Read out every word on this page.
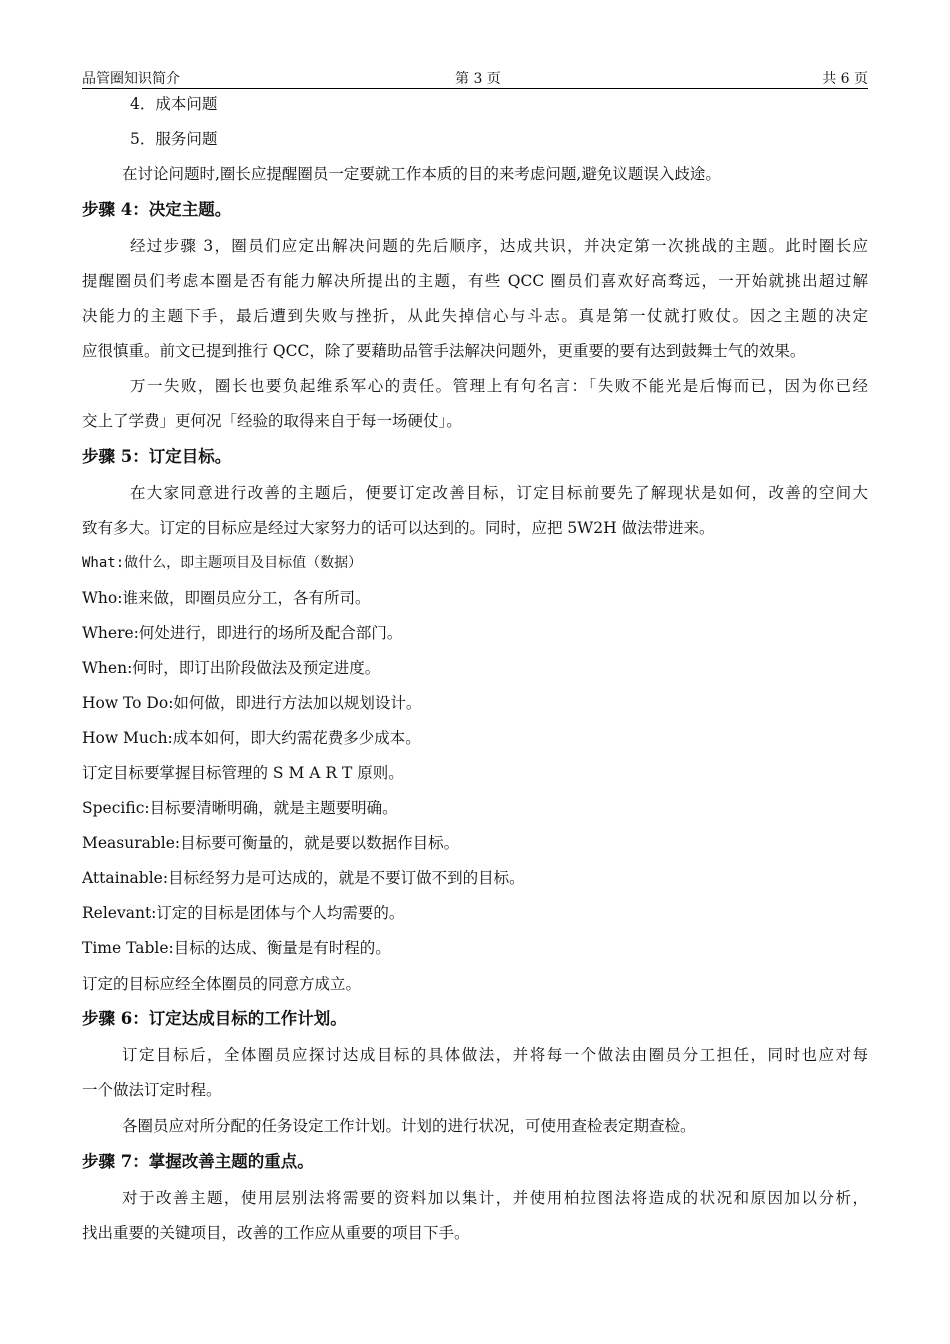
品管圈知识简介	第 3 页	共 6 页
4．成本问题
5．服务问题
在讨论问题时,圈长应提醒圈员一定要就工作本质的目的来考虑问题,避免议题误入歧途。
步骤 4：决定主题。
经过步骤 3，圈员们应定出解决问题的先后顺序，达成共识，并决定第一次挑战的主题。此时圈长应
提醒圈员们考虑本圈是否有能力解决所提出的主题，有些 QCC 圈员们喜欢好高骛远，一开始就挑出超过解
决能力的主题下手，最后遭到失败与挫折，从此失掉信心与斗志。真是第一仗就打败仗。因之主题的决定
应很慎重。前文已提到推行 QCC，除了要藉助品管手法解决问题外，更重要的要有达到鼓舞士气的效果。
万一失败，圈长也要负起维系军心的责任。管理上有句名言：「失败不能光是后悔而已，因为你已经
交上了学费」更何况「经验的取得来自于每一场硬仗」。
步骤 5：订定目标。
在大家同意进行改善的主题后，便要订定改善目标，订定目标前要先了解现状是如何，改善的空间大
致有多大。订定的目标应是经过大家努力的话可以达到的。同时，应把 5W2H 做法带进来。
What:做什么，即主题项目及目标值（数据）
Who:谁来做，即圈员应分工，各有所司。
Where:何处进行，即进行的场所及配合部门。
When:何时，即订出阶段做法及预定进度。
How To Do:如何做，即进行方法加以规划设计。
How Much:成本如何，即大约需花费多少成本。
订定目标要掌握目标管理的 S M A R T 原则。
Specific:目标要清晰明确，就是主题要明确。
Measurable:目标要可衡量的，就是要以数据作目标。
Attainable:目标经努力是可达成的，就是不要订做不到的目标。
Relevant:订定的目标是团体与个人均需要的。
Time Table:目标的达成、衡量是有时程的。
订定的目标应经全体圈员的同意方成立。
步骤 6：订定达成目标的工作计划。
订定目标后，全体圈员应探讨达成目标的具体做法，并将每一个做法由圈员分工担任，同时也应对每
一个做法订定时程。
各圈员应对所分配的任务设定工作计划。计划的进行状况，可使用查检表定期查检。
步骤 7：掌握改善主题的重点。
对于改善主题，使用层别法将需要的资料加以集计，并使用柏拉图法将造成的状况和原因加以分析，
找出重要的关键项目，改善的工作应从重要的项目下手。
